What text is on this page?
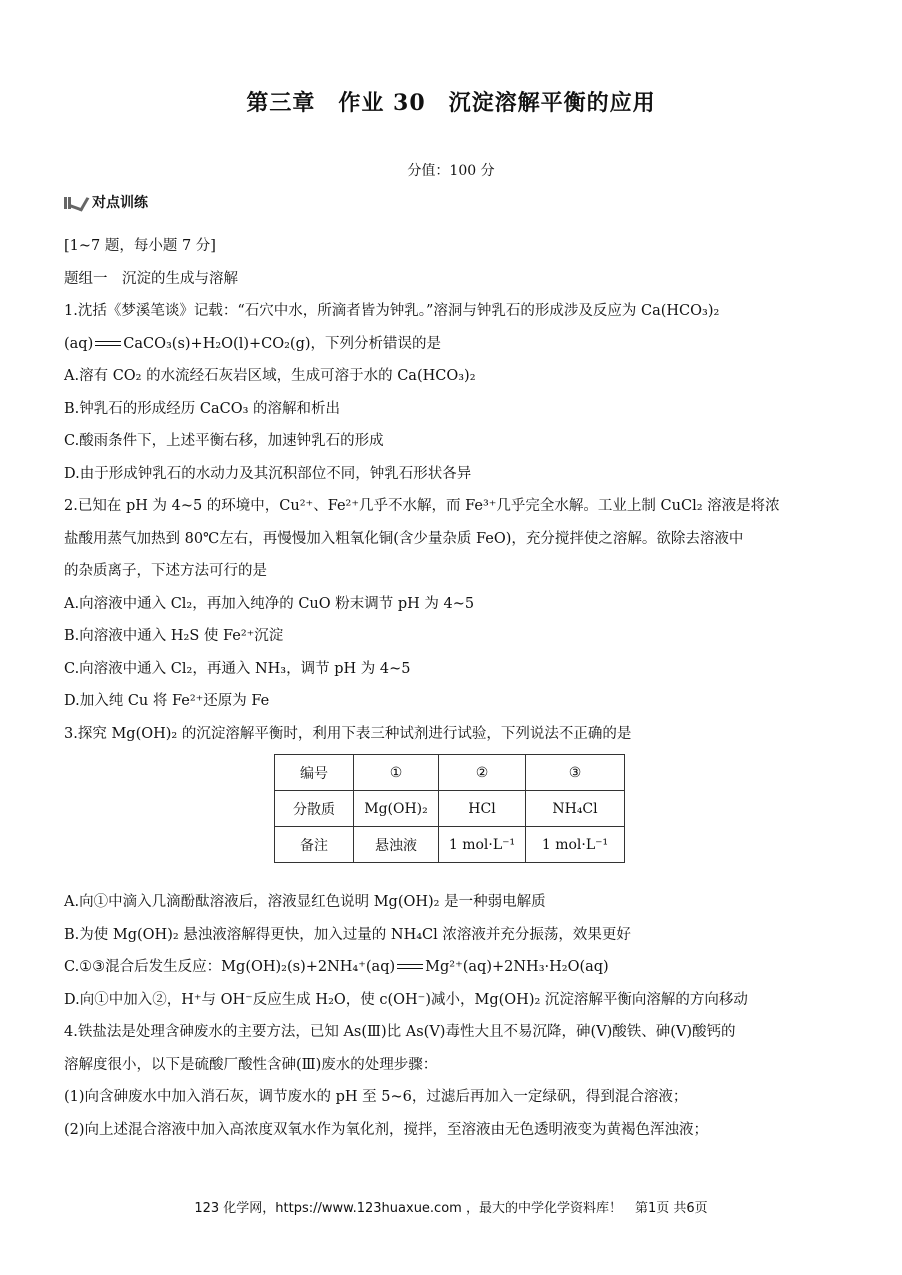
第三章　作业 30　沉淀溶解平衡的应用
分值：100 分
对点训练
[1~7 题，每小题 7 分]
题组一　沉淀的生成与溶解
1.沈括《梦溪笔谈》记载：“石穴中水，所滴者皆为钟乳。”溶洞与钟乳石的形成涉及反应为 Ca(HCO₃)₂
(aq) CaCO₃(s)+H₂O(l)+CO₂(g)，下列分析错误的是
A.溶有 CO₂ 的水流经石灰岩区域，生成可溶于水的 Ca(HCO₃)₂
B.钟乳石的形成经历 CaCO₃ 的溶解和析出
C.酸雨条件下，上述平衡右移，加速钟乳石的形成
D.由于形成钟乳石的水动力及其沉积部位不同，钟乳石形状各异
2.已知在 pH 为 4~5 的环境中，Cu²⁺、Fe²⁺几乎不水解，而 Fe³⁺几乎完全水解。工业上制 CuCl₂ 溶液是将浓
盐酸用蒸气加热到 80℃左右，再慢慢加入粗氧化铜(含少量杂质 FeO)，充分搅拌使之溶解。欲除去溶液中
的杂质离子，下述方法可行的是
A.向溶液中通入 Cl₂，再加入纯净的 CuO 粉末调节 pH 为 4~5
B.向溶液中通入 H₂S 使 Fe²⁺沉淀
C.向溶液中通入 Cl₂，再通入 NH₃，调节 pH 为 4~5
D.加入纯 Cu 将 Fe²⁺还原为 Fe
3.探究 Mg(OH)₂ 的沉淀溶解平衡时，利用下表三种试剂进行试验，下列说法不正确的是
编号	①	②	③
分散质	Mg(OH)₂	HCl	NH₄Cl
备注	悬浊液	1 mol·L⁻¹	1 mol·L⁻¹
A.向①中滴入几滴酚酞溶液后，溶液显红色说明 Mg(OH)₂ 是一种弱电解质
B.为使 Mg(OH)₂ 悬浊液溶解得更快，加入过量的 NH₄Cl 浓溶液并充分振荡，效果更好
C.①③混合后发生反应：Mg(OH)₂(s)+2NH₄⁺(aq) Mg²⁺(aq)+2NH₃·H₂O(aq)
D.向①中加入②，H⁺与 OH⁻反应生成 H₂O，使 c(OH⁻)减小，Mg(OH)₂ 沉淀溶解平衡向溶解的方向移动
4.铁盐法是处理含砷废水的主要方法，已知 As(Ⅲ)比 As(Ⅴ)毒性大且不易沉降，砷(Ⅴ)酸铁、砷(Ⅴ)酸钙的
溶解度很小，以下是硫酸厂酸性含砷(Ⅲ)废水的处理步骤：
(1)向含砷废水中加入消石灰，调节废水的 pH 至 5~6，过滤后再加入一定绿矾，得到混合溶液；
(2)向上述混合溶液中加入高浓度双氧水作为氧化剂，搅拌，至溶液由无色透明液变为黄褐色浑浊液；
123 化学网，https://www.123huaxue.com ，最大的中学化学资料库！　第1页 共6页
